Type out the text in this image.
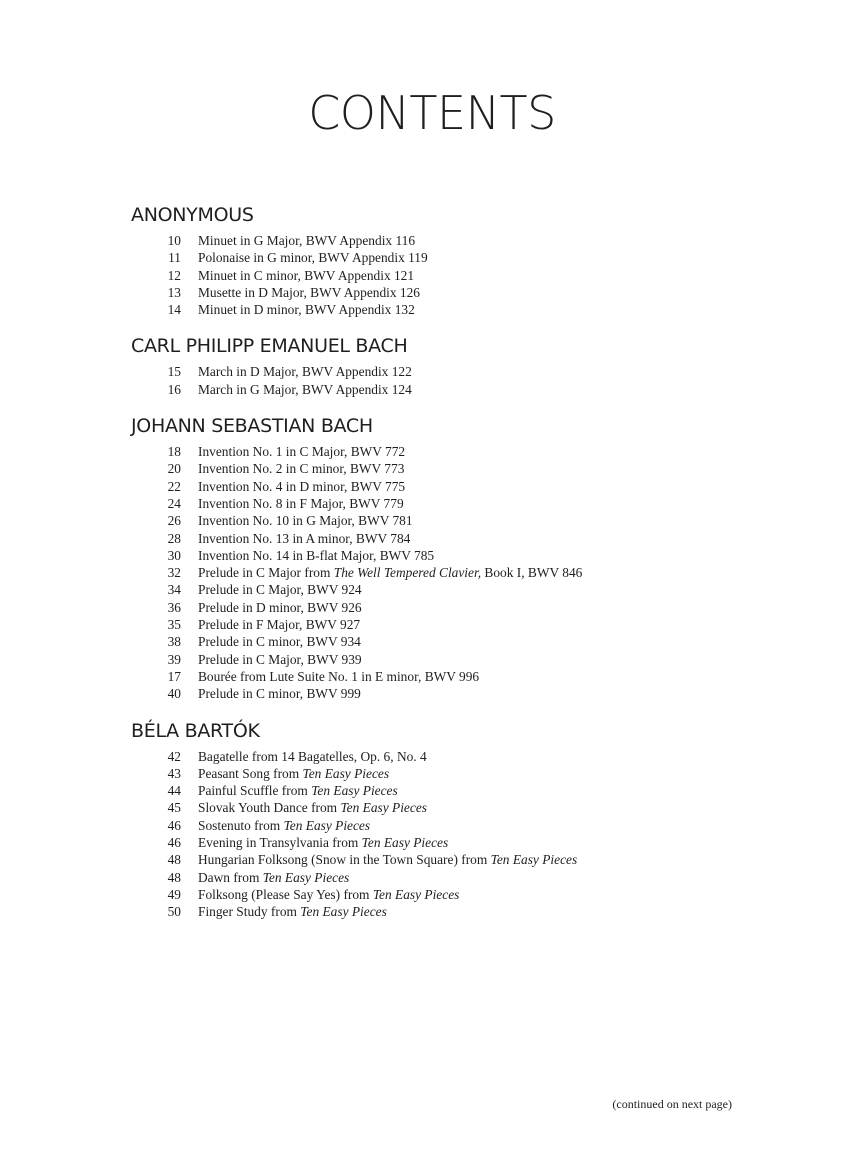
CONTENTS
ANONYMOUS
10	Minuet in G Major, BWV Appendix 116
11	Polonaise in G minor, BWV Appendix 119
12	Minuet in C minor, BWV Appendix 121
13	Musette in D Major, BWV Appendix 126
14	Minuet in D minor, BWV Appendix 132
CARL PHILIPP EMANUEL BACH
15	March in D Major, BWV Appendix 122
16	March in G Major, BWV Appendix 124
JOHANN SEBASTIAN BACH
18	Invention No. 1 in C Major, BWV 772
20	Invention No. 2 in C minor, BWV 773
22	Invention No. 4 in D minor, BWV 775
24	Invention No. 8 in F Major, BWV 779
26	Invention No. 10 in G Major, BWV 781
28	Invention No. 13 in A minor, BWV 784
30	Invention No. 14 in B-flat Major, BWV 785
32	Prelude in C Major from The Well Tempered Clavier, Book I, BWV 846
34	Prelude in C Major, BWV 924
36	Prelude in D minor, BWV 926
35	Prelude in F Major, BWV 927
38	Prelude in C minor, BWV 934
39	Prelude in C Major, BWV 939
17	Bourée from Lute Suite No. 1 in E minor, BWV 996
40	Prelude in C minor, BWV 999
BÉLA BARTÓK
42	Bagatelle from 14 Bagatelles, Op. 6, No. 4
43	Peasant Song from Ten Easy Pieces
44	Painful Scuffle from Ten Easy Pieces
45	Slovak Youth Dance from Ten Easy Pieces
46	Sostenuto from Ten Easy Pieces
46	Evening in Transylvania from Ten Easy Pieces
48	Hungarian Folksong (Snow in the Town Square) from Ten Easy Pieces
48	Dawn from Ten Easy Pieces
49	Folksong (Please Say Yes) from Ten Easy Pieces
50	Finger Study from Ten Easy Pieces
(continued on next page)
